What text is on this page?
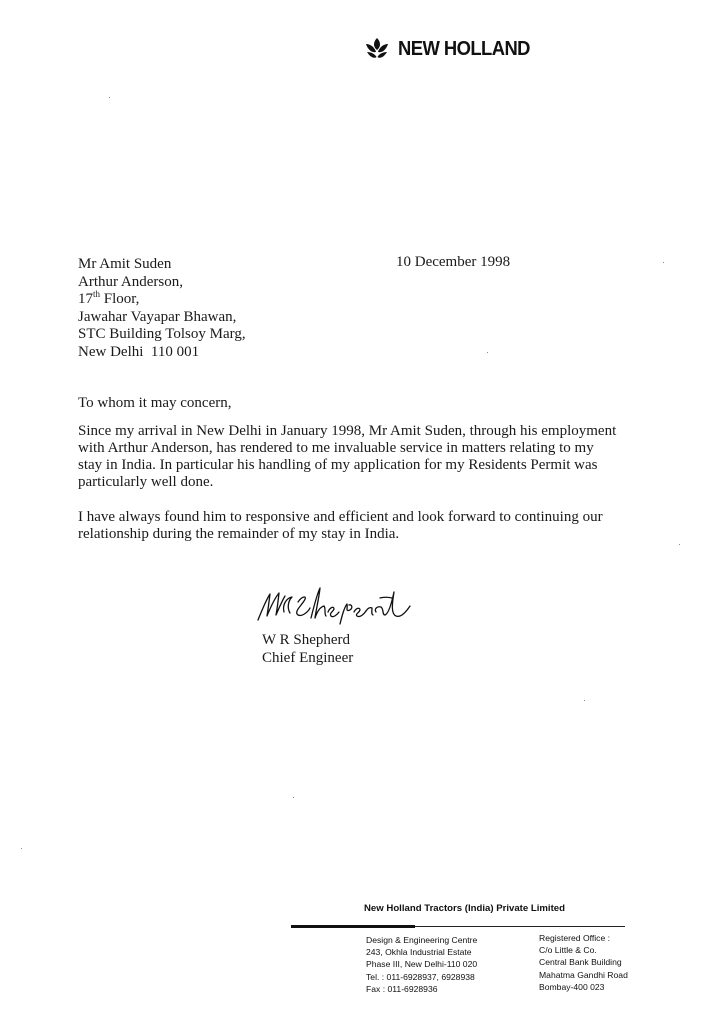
NEW HOLLAND
10 December 1998
Mr Amit Suden
Arthur Anderson,
17th Floor,
Jawahar Vayapar Bhawan,
STC Building Tolsoy Marg,
New Delhi  110 001
To whom it may concern,
Since my arrival in New Delhi in January 1998, Mr Amit Suden, through his employment
with Arthur Anderson, has rendered to me invaluable service in matters relating to my
stay in India. In particular his handling of my application for my Residents Permit was
particularly well done.
I have always found him to responsive and efficient and look forward to continuing our
relationship during the remainder of my stay in India.
W R Shepherd
Chief Engineer
New Holland Tractors (India) Private Limited
Design & Engineering Centre
243, Okhla Industrial Estate
Phase III, New Delhi-110 020
Tel. : 011-6928937, 6928938
Fax : 011-6928936
Registered Office :
C/o Little & Co.
Central Bank Building
Mahatma Gandhi Road
Bombay-400 023
